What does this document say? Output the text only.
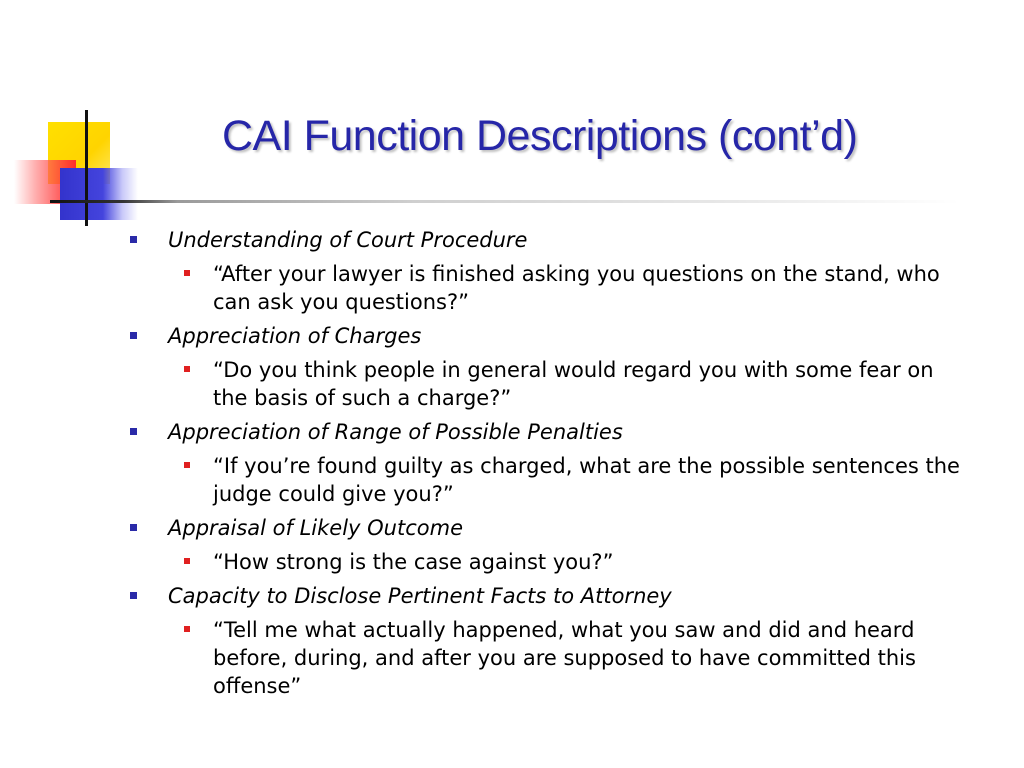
CAI Function Descriptions (cont’d)
Understanding of Court Procedure
“After your lawyer is finished asking you questions on the stand, who can ask you questions?”
Appreciation of Charges
“Do you think people in general would regard you with some fear on the basis of such a charge?”
Appreciation of Range of Possible Penalties
“If you’re found guilty as charged, what are the possible sentences the judge could give you?”
Appraisal of Likely Outcome
“How strong is the case against you?”
Capacity to Disclose Pertinent Facts to Attorney
“Tell me what actually happened, what you saw and did and heard before, during, and after you are supposed to have committed this offense”
